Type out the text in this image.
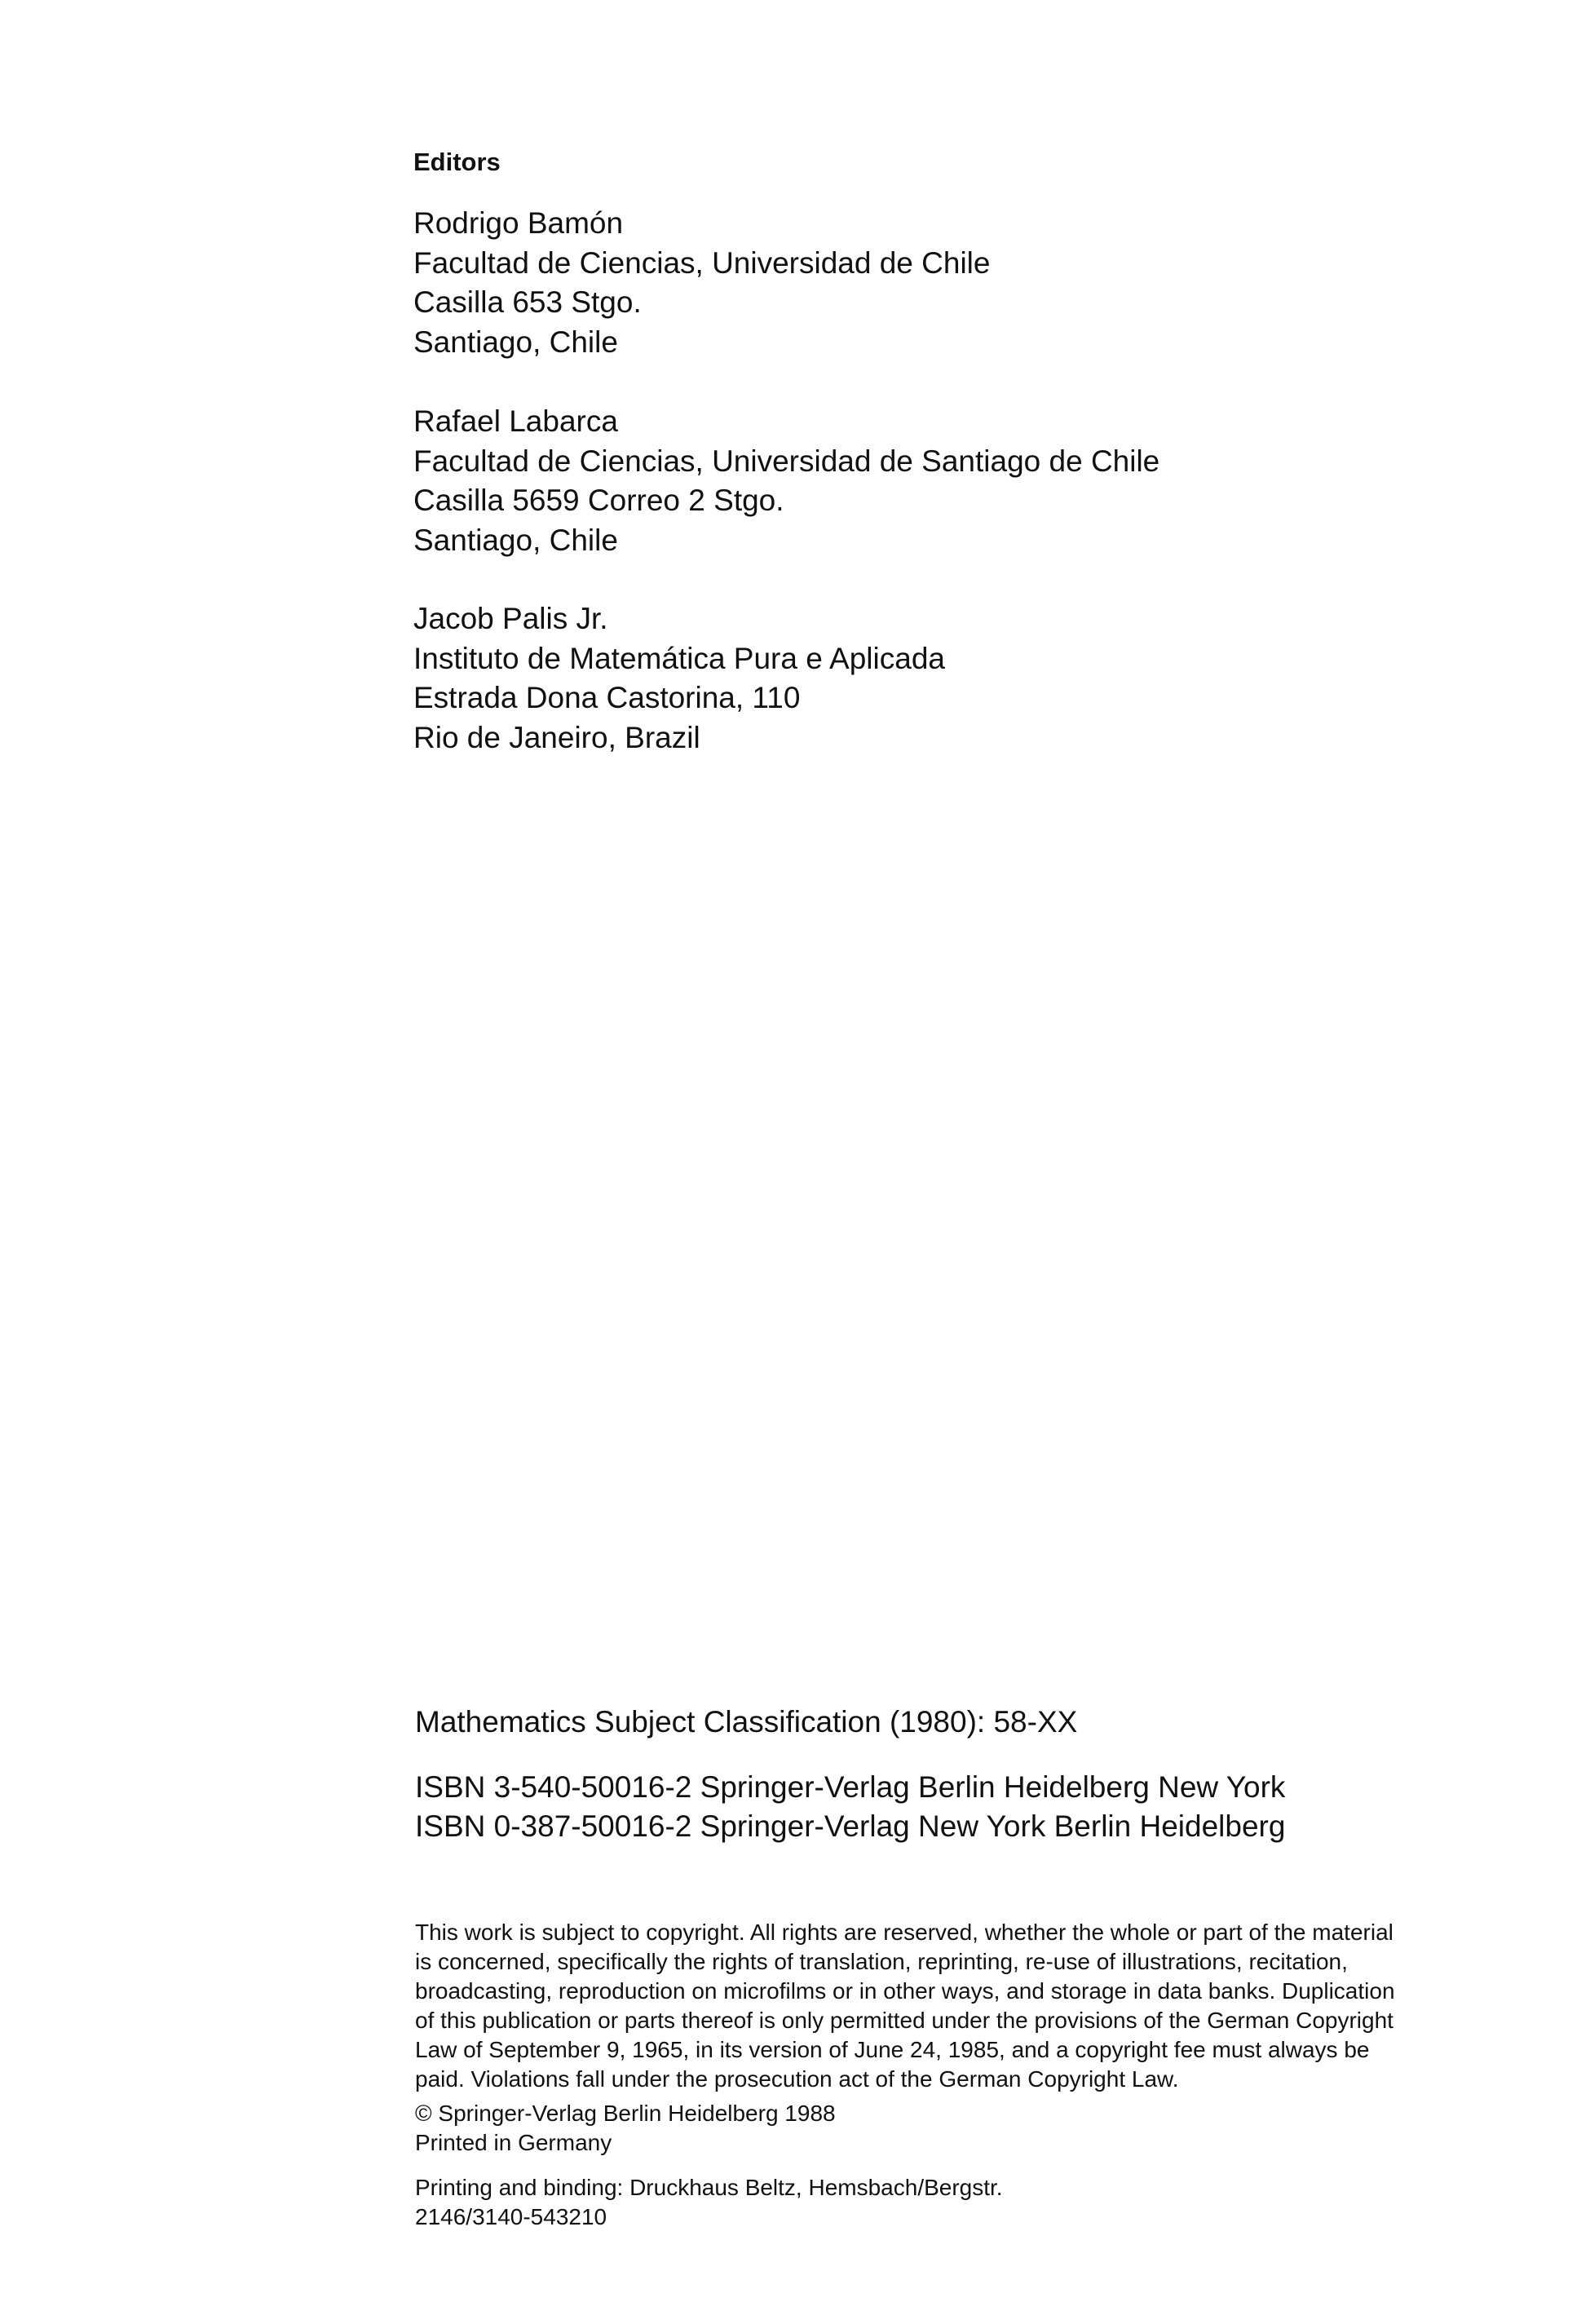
Editors
Rodrigo Bamón
Facultad de Ciencias, Universidad de Chile
Casilla 653 Stgo.
Santiago, Chile
Rafael Labarca
Facultad de Ciencias, Universidad de Santiago de Chile
Casilla 5659 Correo 2 Stgo.
Santiago, Chile
Jacob Palis Jr.
Instituto de Matemática Pura e Aplicada
Estrada Dona Castorina, 110
Rio de Janeiro, Brazil

Mathematics Subject Classification (1980): 58-XX

ISBN 3-540-50016-2 Springer-Verlag Berlin Heidelberg New York
ISBN 0-387-50016-2 Springer-Verlag New York Berlin Heidelberg
This work is subject to copyright. All rights are reserved, whether the whole or part of the material
is concerned, specifically the rights of translation, reprinting, re-use of illustrations, recitation,
broadcasting, reproduction on microfilms or in other ways, and storage in data banks. Duplication
of this publication or parts thereof is only permitted under the provisions of the German Copyright
Law of September 9, 1965, in its version of June 24, 1985, and a copyright fee must always be
paid. Violations fall under the prosecution act of the German Copyright Law.
© Springer-Verlag Berlin Heidelberg 1988
Printed in Germany
Printing and binding: Druckhaus Beltz, Hemsbach/Bergstr.
2146/3140-543210
